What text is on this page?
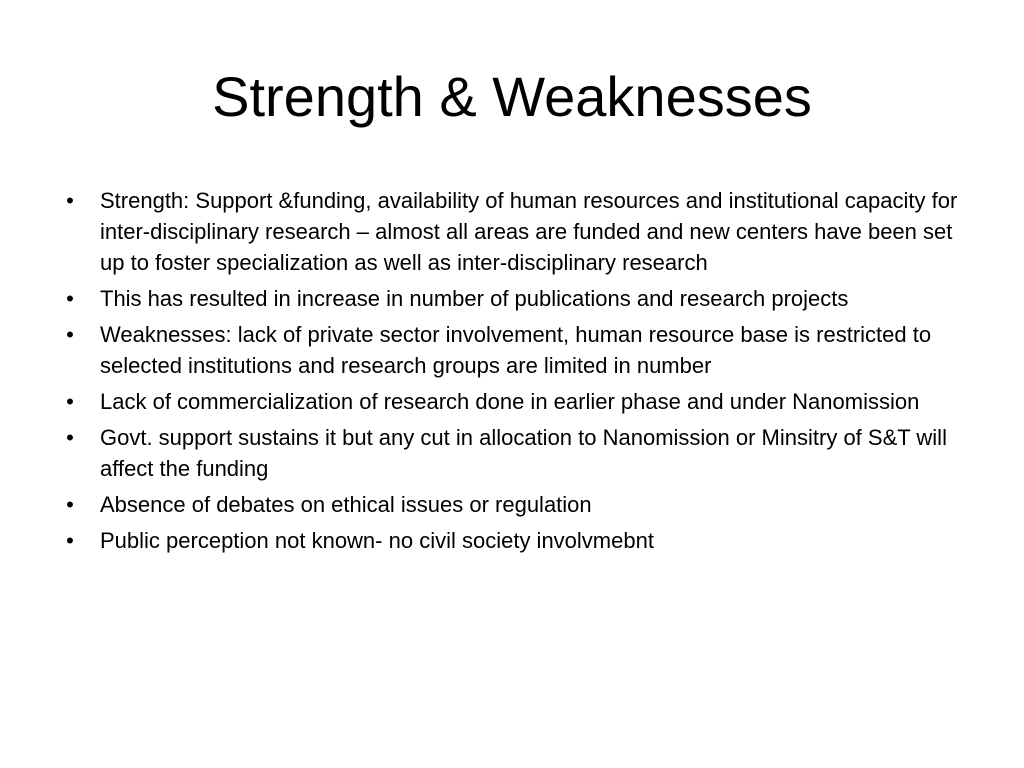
Strength & Weaknesses
• Strength: Support &funding, availability of human resources and institutional capacity for inter-disciplinary research – almost all areas are funded and new centers have been set up to foster specialization as well as inter-disciplinary research
• This has resulted in increase in number of publications and research projects
• Weaknesses: lack of private sector involvement, human resource base is restricted to selected institutions and research groups are limited in number
• Lack of commercialization of research done in earlier phase and under Nanomission
• Govt. support sustains it but any cut in allocation to Nanomission or Minsitry of S&T will affect the funding
• Absence of debates on ethical issues or regulation
• Public perception not known- no civil society involvmebnt
